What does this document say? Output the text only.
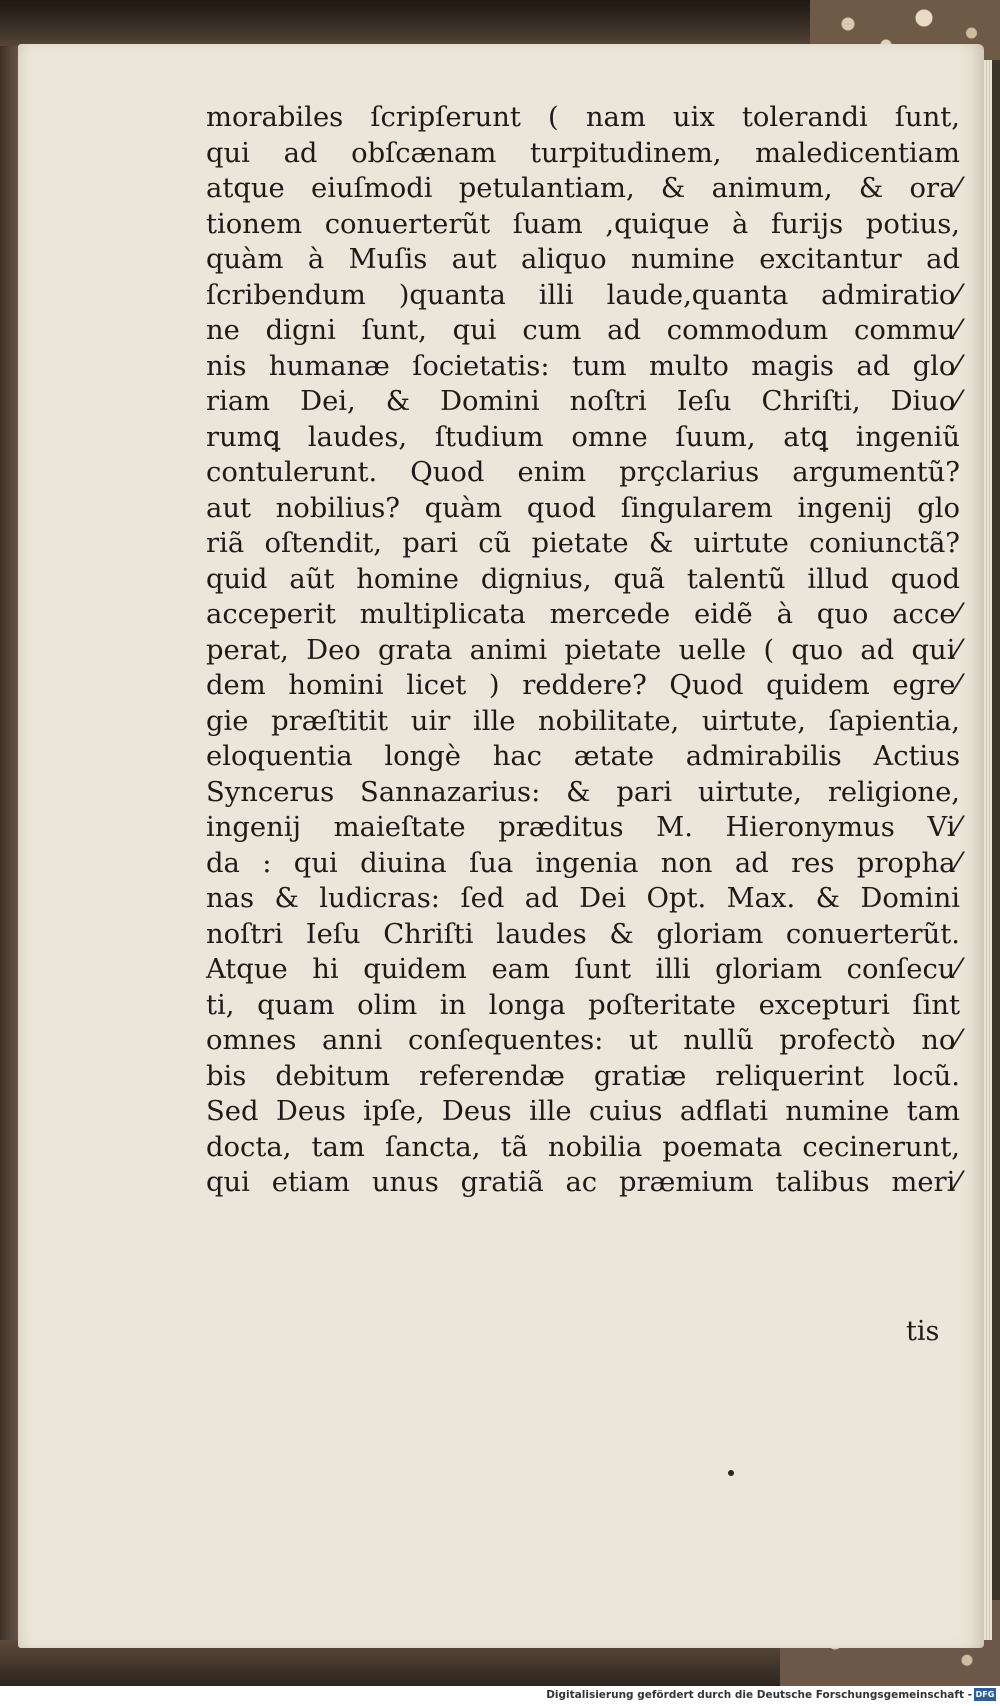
morabiles ſcripſerunt ( nam uix tolerandi ſunt,
qui ad obſcænam turpitudinem, maledicentiam
atque eiuſmodi petulantiam, & animum, & ora⁄
tionem conuerterũt ſuam ,quique à furijs potius,
quàm à Muſis aut aliquo numine excitantur ad
ſcribendum )quanta illi laude,quanta admiratio⁄
ne digni ſunt, qui cum ad commodum commu⁄
nis humanæ ſocietatis: tum multo magis ad glo⁄
riam Dei, & Domini noſtri Ieſu Chriſti, Diuo⁄
rumꝗ laudes, ſtudium omne ſuum, atꝗ ingeniũ
contulerunt. Quod enim prçclarius argumentũ?
aut nobilius? quàm quod ſingularem ingenij glo
riã oſtendit, pari cũ pietate & uirtute coniunctã?
quid aũt homine dignius, quã talentũ illud quod
acceperit multiplicata mercede eidẽ à quo acce⁄
perat, Deo grata animi pietate uelle ( quo ad qui⁄
dem homini licet ) reddere? Quod quidem egre⁄
gie præſtitit uir ille nobilitate, uirtute, ſapientia,
eloquentia longè hac ætate admirabilis Actius
Syncerus Sannazarius: & pari uirtute, religione,
ingenij maieſtate præditus M. Hieronymus Vi⁄
da : qui diuina ſua ingenia non ad res propha⁄
nas & ludicras: ſed ad Dei Opt. Max. & Domini
noſtri Ieſu Chriſti laudes & gloriam conuerterũt.
Atque hi quidem eam ſunt illi gloriam conſecu⁄
ti, quam olim in longa poſteritate excepturi ſint
omnes anni conſequentes: ut nullũ profectò no⁄
bis debitum referendæ gratiæ reliquerint locũ.
Sed Deus ipſe, Deus ille cuius adflati numine tam
docta, tam ſancta, tã nobilia poemata cecinerunt,
qui etiam unus gratiã ac præmium talibus meri⁄
tis
Digitalisierung gefördert durch die Deutsche Forschungsgemeinschaft - DFG
